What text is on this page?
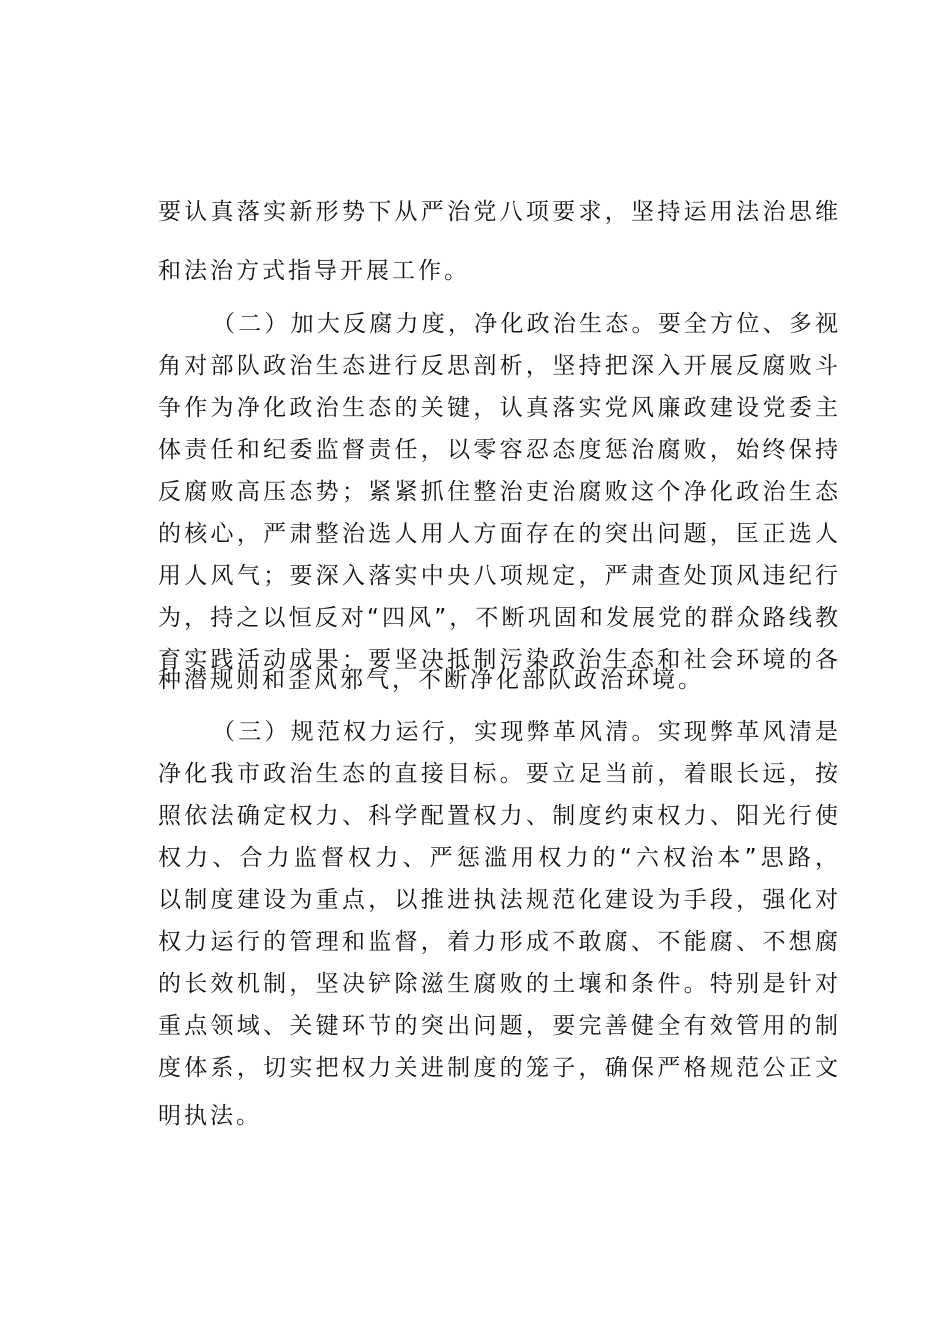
要认真落实新形势下从严治党八项要求，坚持运用法治思维
和法治方式指导开展工作。
（二）加大反腐力度，净化政治生态。要全方位、多视
角对部队政治生态进行反思剖析，坚持把深入开展反腐败斗
争作为净化政治生态的关键，认真落实党风廉政建设党委主
体责任和纪委监督责任，以零容忍态度惩治腐败，始终保持
反腐败高压态势；紧紧抓住整治吏治腐败这个净化政治生态
的核心，严肃整治选人用人方面存在的突出问题，匡正选人
用人风气；要深入落实中央八项规定，严肃查处顶风违纪行
为，持之以恒反对“四风”，不断巩固和发展党的群众路线教
育实践活动成果；要坚决抵制污染政治生态和社会环境的各
种潜规则和歪风邪气，不断净化部队政治环境。
（三）规范权力运行，实现弊革风清。实现弊革风清是
净化我市政治生态的直接目标。要立足当前，着眼长远，按
照依法确定权力、科学配置权力、制度约束权力、阳光行使
权力、合力监督权力、严惩滥用权力的“六权治本”思路，
以制度建设为重点，以推进执法规范化建设为手段，强化对
权力运行的管理和监督，着力形成不敢腐、不能腐、不想腐
的长效机制，坚决铲除滋生腐败的土壤和条件。特别是针对
重点领域、关键环节的突出问题，要完善健全有效管用的制
度体系，切实把权力关进制度的笼子，确保严格规范公正文
明执法。
